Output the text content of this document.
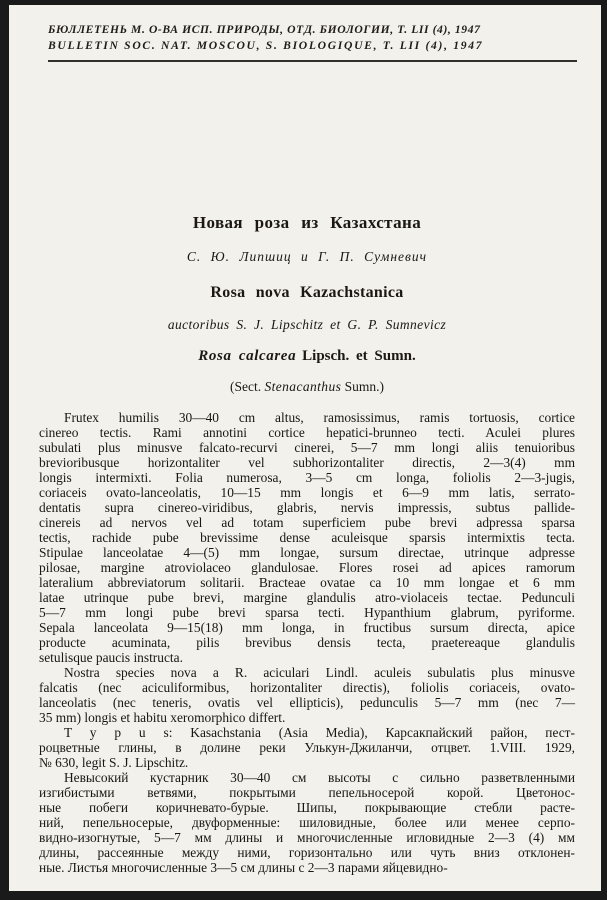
БЮЛЛЕТЕНЬ М. О-ВА ИСП. ПРИРОДЫ, ОТД. БИОЛОГИИ, Т. LII (4), 1947
BULLETIN SOC. NAT. MOSCOU, S. BIOLOGIQUE, T. LII (4), 1947
Новая роза из Казахстана
С. Ю. Липшиц и Г. П. Сумневич
Rosa nova Kazachstanica
auctoribus S. J. Lipschitz et G. P. Sumnevicz
Rosa calcarea Lipsch. et Sumn.
(Sect. Stenacanthus Sumn.)
Frutex humilis 30—40 cm altus, ramosissimus, ramis tortuosis, cortice
cinereo tectis. Rami annotini cortice hepatici-brunneo tecti. Aculei plures
subulati plus minusve falcato-recurvi cinerei, 5—7 mm longi aliis tenuioribus
brevioribusque horizontaliter vel subhorizontaliter directis, 2—3(4) mm
longis intermixti. Folia numerosa, 3—5 cm longa, foliolis 2—3-jugis,
coriaceis ovato-lanceolatis, 10—15 mm longis et 6—9 mm latis, serrato-
dentatis supra cinereo-viridibus, glabris, nervis impressis, subtus pallide-
cinereis ad nervos vel ad totam superficiem pube brevi adpressa sparsa
tectis, rachide pube brevissime dense aculeisque sparsis intermixtis tecta.
Stipulae lanceolatae 4—(5) mm longae, sursum directae, utrinque adpresse
pilosae, margine atroviolaceo glandulosae. Flores rosei ad apices ramorum
lateralium abbreviatorum solitarii. Bracteae ovatae ca 10 mm longae et 6 mm
latae utrinque pube brevi, margine glandulis atro-violaceis tectae. Pedunculi
5—7 mm longi pube brevi sparsa tecti. Hypanthium glabrum, pyriforme.
Sepala lanceolata 9—15(18) mm longa, in fructibus sursum directa, apice
producte acuminata, pilis brevibus densis tecta, praetereaque glandulis
setulisque paucis instructa.
Nostra species nova a R. aciculari Lindl. aculeis subulatis plus minusve
falcatis (nec aciculiformibus, horizontaliter directis), foliolis coriaceis, ovato-
lanceolatis (nec teneris, ovatis vel ellipticis), pedunculis 5—7 mm (nec 7—
35 mm) longis et habitu xeromorphico differt.
T y p u s: Kasachstania (Asia Media), Карсакпайский район, пест-
роцветные глины, в долине реки Улькун-Джиланчи, отцвет. 1.VIII. 1929,
№ 630, legit S. J. Lipschitz.
Невысокий кустарник 30—40 см высоты с сильно разветвленными
изгибистыми ветвями, покрытыми пепельносерой корой. Цветонос-
ные побеги коричневато-бурые. Шипы, покрывающие стебли расте-
ний, пепельносерые, двуформенные: шиловидные, более или менее серпо-
видно-изогнутые, 5—7 мм длины и многочисленные игловидные 2—3 (4) мм
длины, рассеянные между ними, горизонтально или чуть вниз отклонен-
ные. Листья многочисленные 3—5 см длины с 2—3 парами яйцевидно-
